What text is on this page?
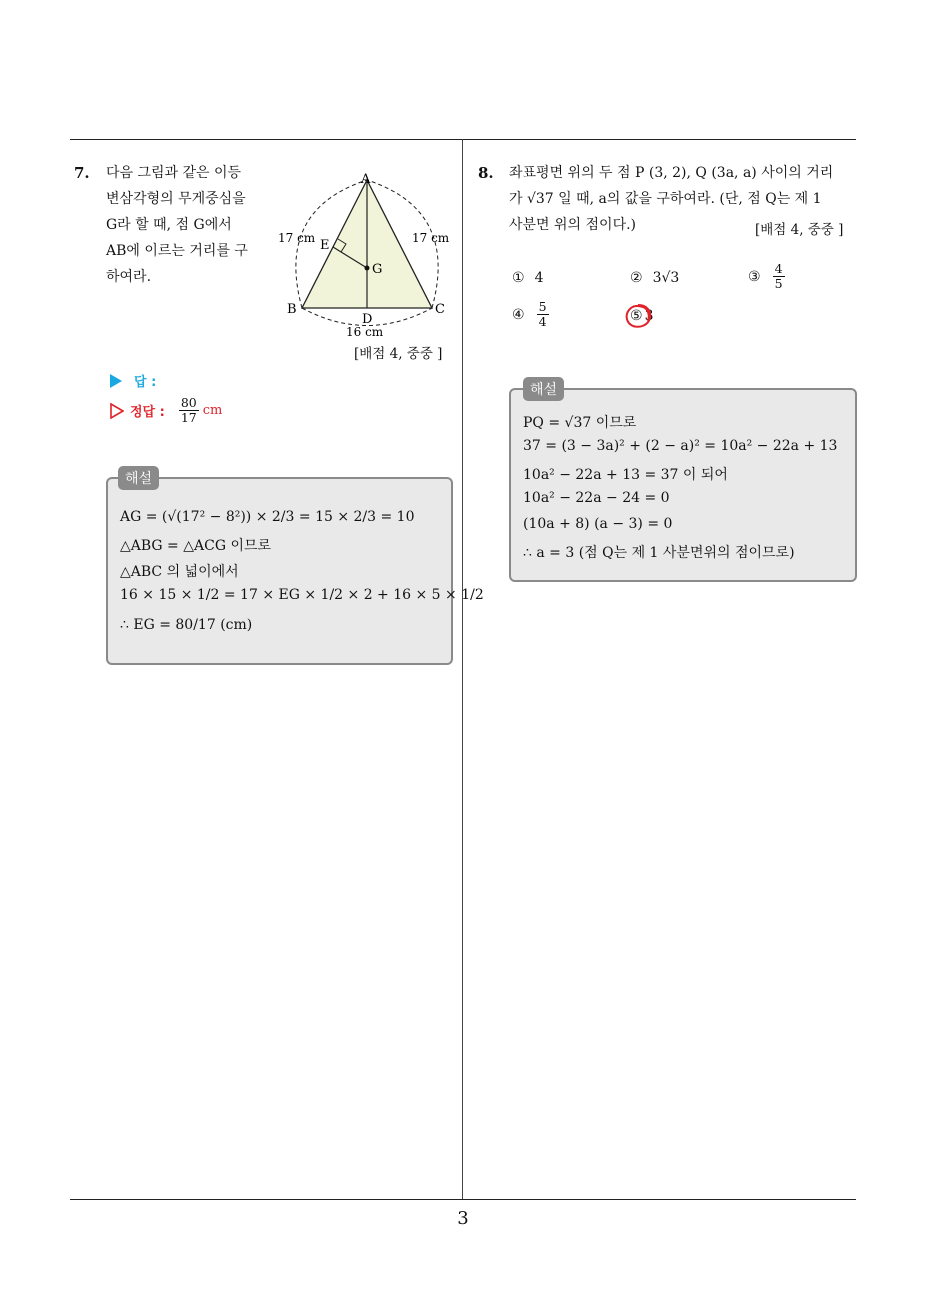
3
7. 다음 그림과 같은 이등
변삼각형의 무게중심을
G라 할 때, 점 G에서
AB에 이르는 거리를 구
하여라.
A
B	C
D
E
G
17 cm	17 cm
16 cm
[배점 4, 중중 ]
답 :
정답 : $\frac{80}{17}$ cm
AG = (√(17² − 8²)) × 2/3 = 15 × 2/3 = 10
△ABG = △ACG 이므로
△ABC 의 넓이에서
16 × 15 × 1/2 = 17 × EG × 1/2 × 2 + 16 × 5 × 1/2
∴ EG = 80/17 (cm)
해설
8. 좌표평면 위의 두 점 P (3, 2), Q (3a, a) 사이의 거리
가 √37 일 때, a의 값을 구하여라. (단, 점 Q는 제 1
사분면 위의 점이다.)	[배점 4, 중중 ]
① 4	② 3√3	③ $\frac{4}{5}$
④ $\frac{5}{4}$	⑤ 3
PQ = √37 이므로
37 = (3 − 3a)² + (2 − a)² = 10a² − 22a + 13
10a² − 22a + 13 = 37 이 되어
10a² − 22a − 24 = 0
(10a + 8) (a − 3) = 0
∴ a = 3 (점 Q는 제 1 사분면위의 점이므로)
해설
